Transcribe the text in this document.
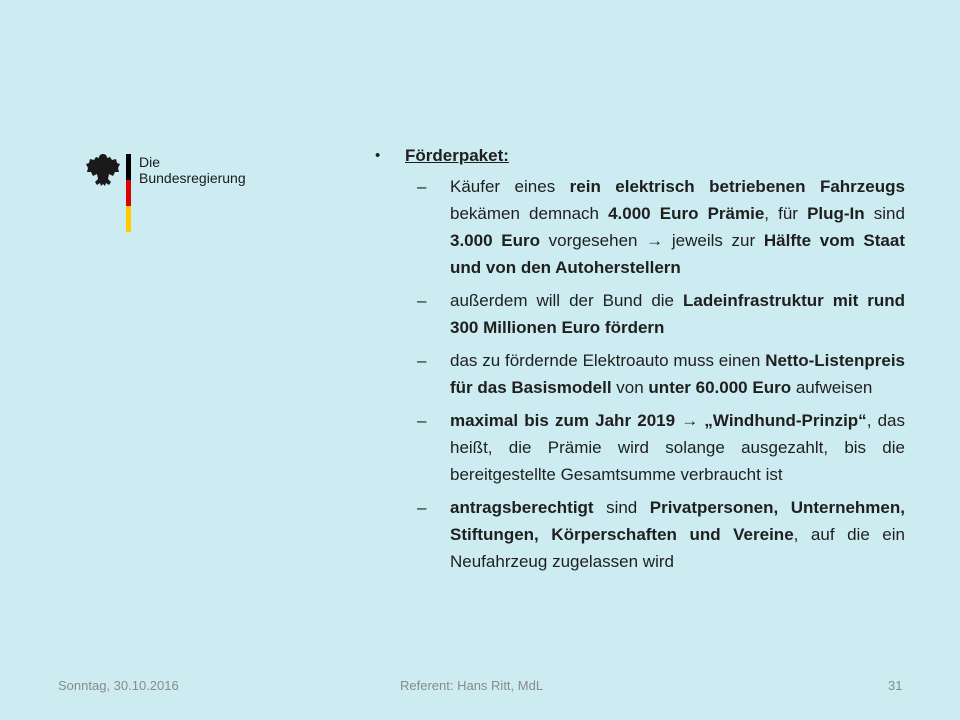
Die
Bundesregierung
• Förderpaket:
– Käufer eines rein elektrisch betriebenen Fahrzeugs bekämen demnach 4.000 Euro Prämie, für Plug-In sind 3.000 Euro vorgesehen → jeweils zur Hälfte vom Staat und von den Autoherstellern
– außerdem will der Bund die Ladeinfrastruktur mit rund 300 Millionen Euro fördern
– das zu fördernde Elektroauto muss einen Netto-Listenpreis für das Basismodell von unter 60.000 Euro aufweisen
– maximal bis zum Jahr 2019 → „Windhund-Prinzip“, das heißt, die Prämie wird solange ausgezahlt, bis die bereitgestellte Gesamtsumme verbraucht ist
– antragsberechtigt sind Privatpersonen, Unternehmen, Stiftungen, Körperschaften und Vereine, auf die ein Neufahrzeug zugelassen wird
Sonntag, 30.10.2016	Referent: Hans Ritt, MdL	31
